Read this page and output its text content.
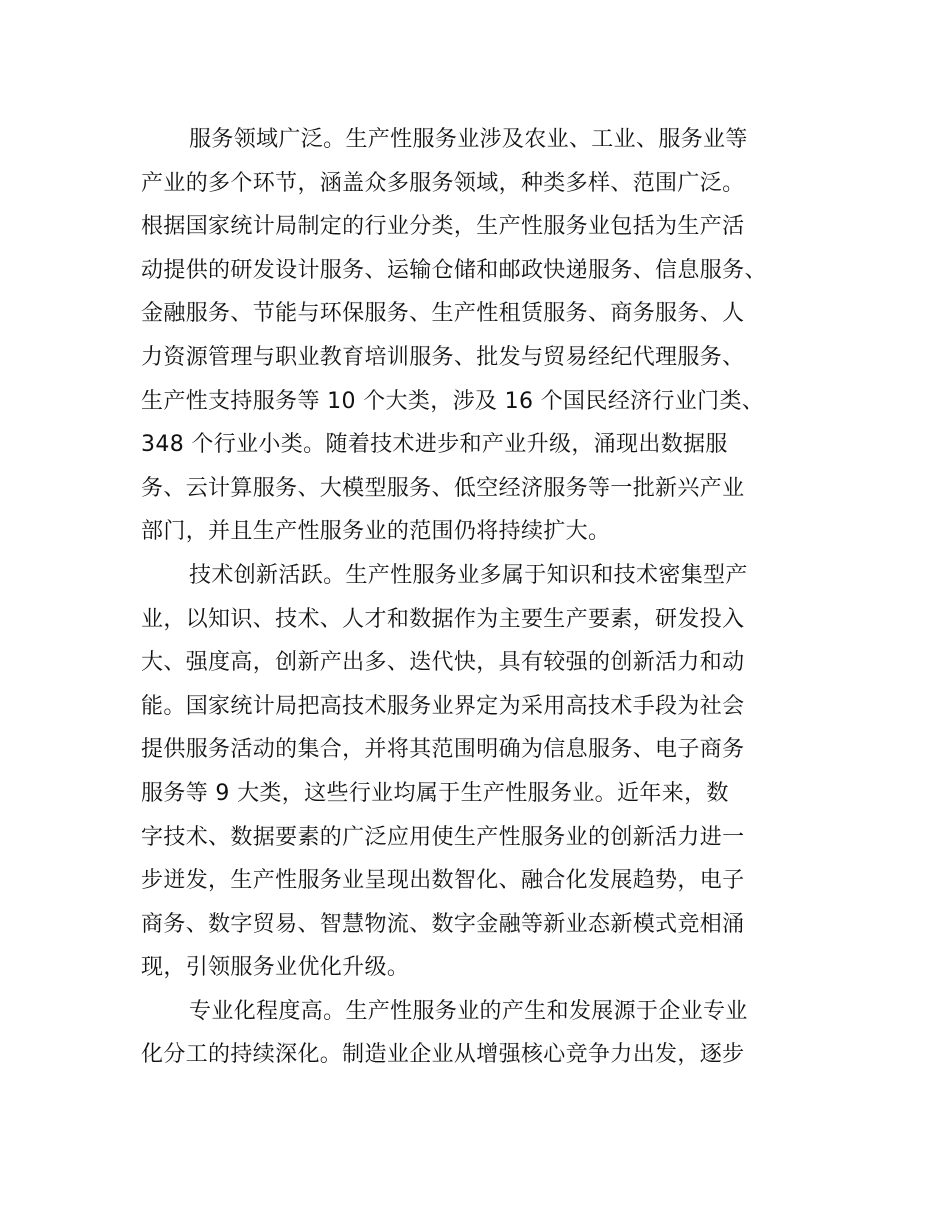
服务领域广泛。生产性服务业涉及农业、工业、服务业等
产业的多个环节，涵盖众多服务领域，种类多样、范围广泛。
根据国家统计局制定的行业分类，生产性服务业包括为生产活
动提供的研发设计服务、运输仓储和邮政快递服务、信息服务、
金融服务、节能与环保服务、生产性租赁服务、商务服务、人
力资源管理与职业教育培训服务、批发与贸易经纪代理服务、
生产性支持服务等 10 个大类，涉及 16 个国民经济行业门类、
348 个行业小类。随着技术进步和产业升级，涌现出数据服
务、云计算服务、大模型服务、低空经济服务等一批新兴产业
部门，并且生产性服务业的范围仍将持续扩大。
技术创新活跃。生产性服务业多属于知识和技术密集型产
业，以知识、技术、人才和数据作为主要生产要素，研发投入
大、强度高，创新产出多、迭代快，具有较强的创新活力和动
能。国家统计局把高技术服务业界定为采用高技术手段为社会
提供服务活动的集合，并将其范围明确为信息服务、电子商务
服务等 9 大类，这些行业均属于生产性服务业。近年来，数
字技术、数据要素的广泛应用使生产性服务业的创新活力进一
步迸发，生产性服务业呈现出数智化、融合化发展趋势，电子
商务、数字贸易、智慧物流、数字金融等新业态新模式竞相涌
现，引领服务业优化升级。
专业化程度高。生产性服务业的产生和发展源于企业专业
化分工的持续深化。制造业企业从增强核心竞争力出发，逐步
